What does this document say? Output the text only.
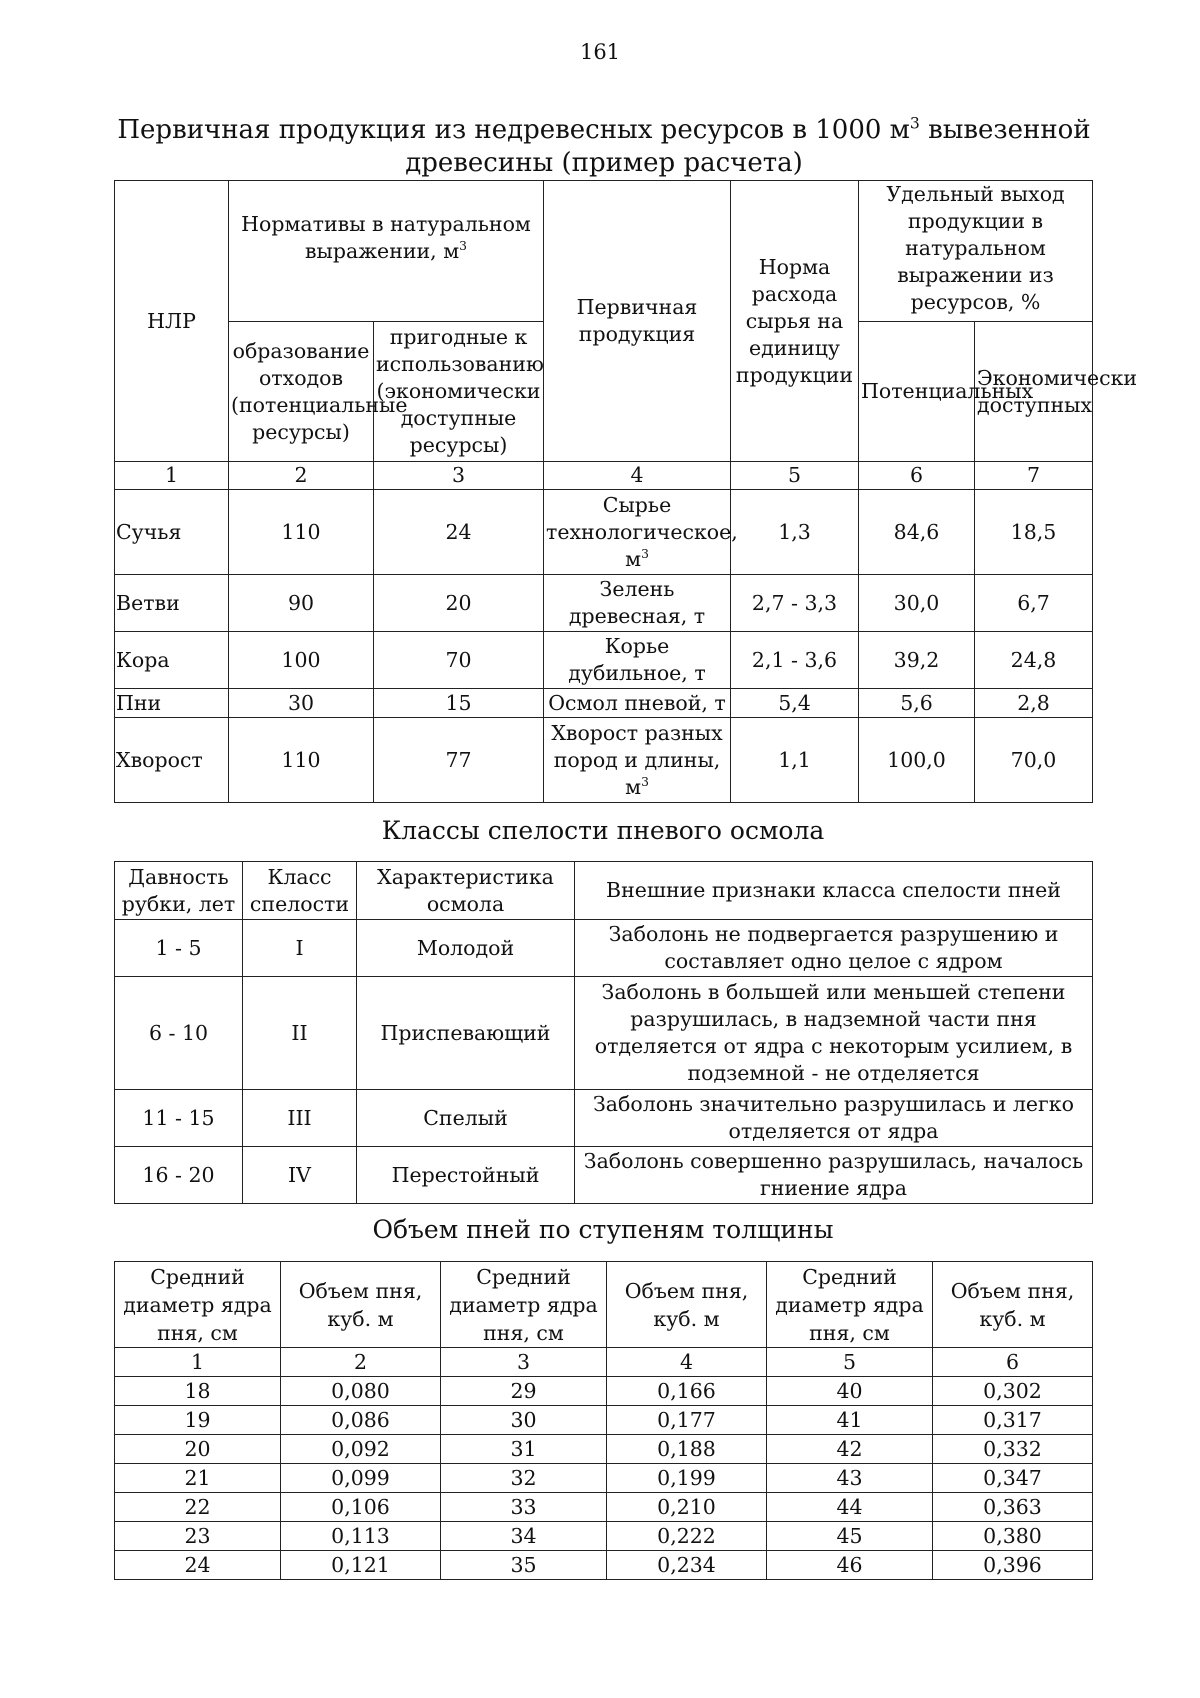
161
Первичная продукция из недревесных ресурсов в 1000 $м^3$ вывезенной
древесины (пример расчета)
НЛР	Нормативы в натуральном выражении, $м^3$		Первичная продукция	Норма расхода сырья на единицу продукции	Удельный выход продукции в натуральном выражении из ресурсов, %	
	образование отходов (потенциальные ресурсы)	пригодные к использованию (экономически доступные ресурсы)			Потенциальных	Экономически доступных
1	2	3	4	5	6	7
Сучья	110	24	Сырье технологическое, $м^3$	1,3	84,6	18,5
Ветви	90	20	Зелень древесная, т	2,7 - 3,3	30,0	6,7
Кора	100	70	Корье дубильное, т	2,1 - 3,6	39,2	24,8
Пни	30	15	Осмол пневой, т	5,4	5,6	2,8
Хворост	110	77	Хворост разных пород и длины, $м^3$	1,1	100,0	70,0
Классы спелости пневого осмола
Давность рубки, лет	Класс спелости	Характеристика осмола	Внешние признаки класса спелости пней
1 - 5	I	Молодой	Заболонь не подвергается разрушению и составляет одно целое с ядром
6 - 10	II	Приспевающий	Заболонь в большей или меньшей степени разрушилась, в надземной части пня отделяется от ядра с некоторым усилием, в подземной - не отделяется
11 - 15	III	Спелый	Заболонь значительно разрушилась и легко отделяется от ядра
16 - 20	IV	Перестойный	Заболонь совершенно разрушилась, началось гниение ядра
Объем пней по ступеням толщины
Средний диаметр ядра пня, см	Объем пня, куб. м	Средний диаметр ядра пня, см	Объем пня, куб. м	Средний диаметр ядра пня, см	Объем пня, куб. м
1	2	3	4	5	6
18	0,080	29	0,166	40	0,302
19	0,086	30	0,177	41	0,317
20	0,092	31	0,188	42	0,332
21	0,099	32	0,199	43	0,347
22	0,106	33	0,210	44	0,363
23	0,113	34	0,222	45	0,380
24	0,121	35	0,234	46	0,396
